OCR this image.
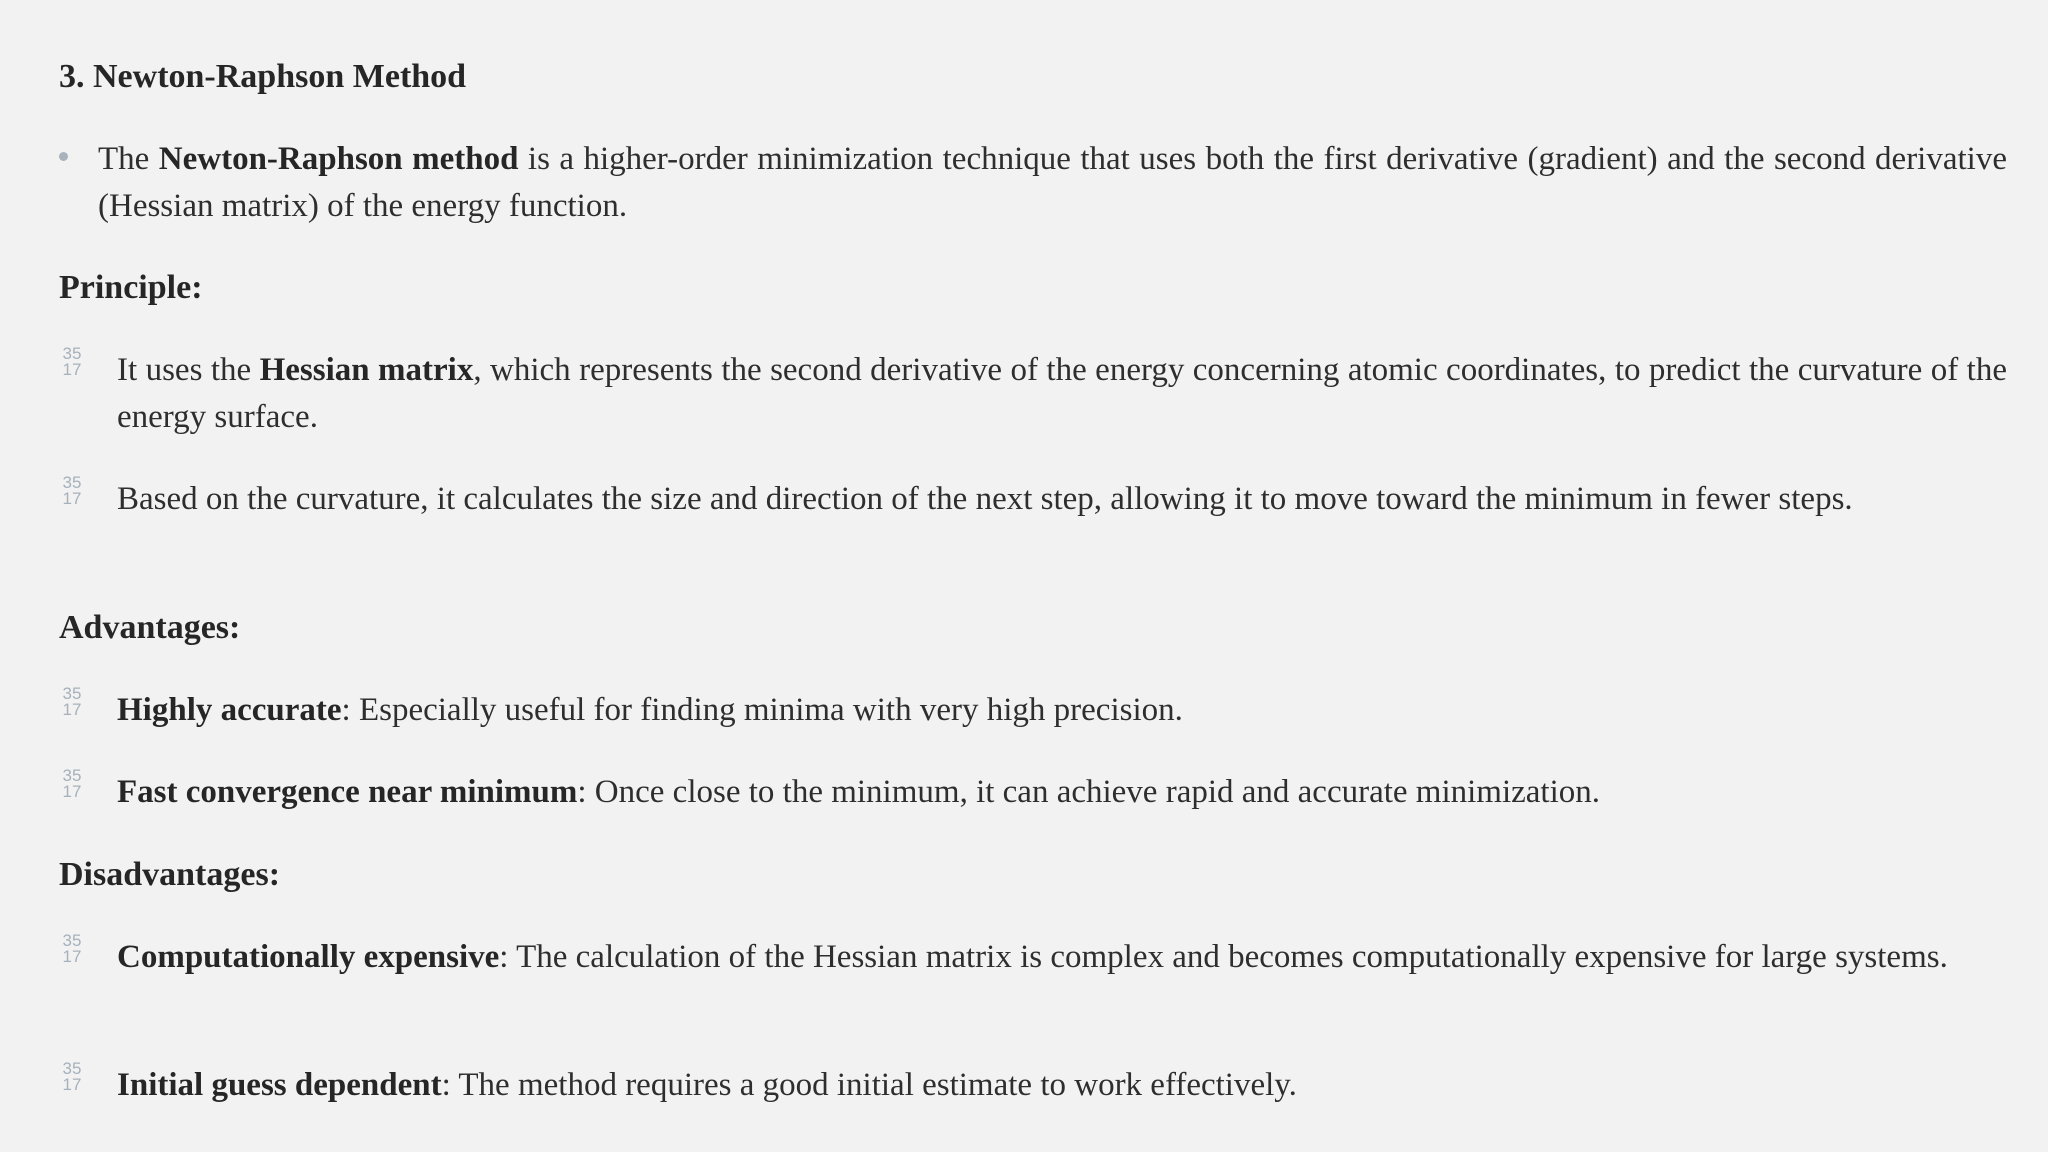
3. Newton-Raphson Method
The Newton-Raphson method is a higher-order minimization technique that uses both the first derivative (gradient) and the second derivative (Hessian matrix) of the energy function.
Principle:
35
17 It uses the Hessian matrix, which represents the second derivative of the energy concerning atomic coordinates, to predict the curvature of the energy surface.
35
17 Based on the curvature, it calculates the size and direction of the next step, allowing it to move toward the minimum in fewer steps.
Advantages:
35
17 Highly accurate: Especially useful for finding minima with very high precision.
35
17 Fast convergence near minimum: Once close to the minimum, it can achieve rapid and accurate minimization.
Disadvantages:
35
17 Computationally expensive: The calculation of the Hessian matrix is complex and becomes computationally expensive for large systems.
35
17 Initial guess dependent: The method requires a good initial estimate to work effectively.
